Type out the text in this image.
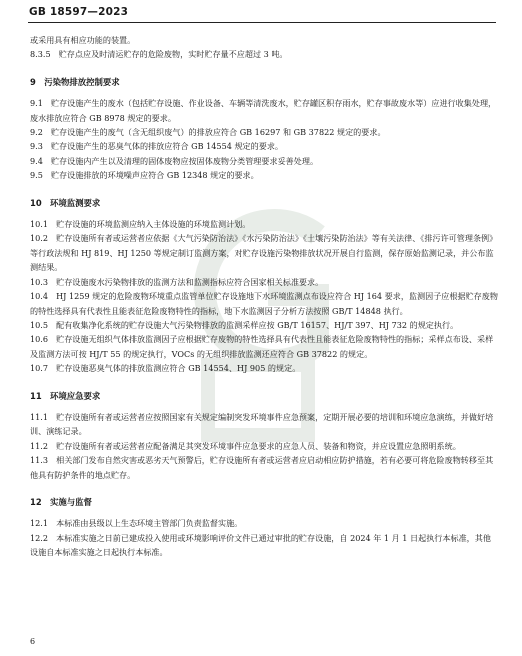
GB 18597—2023

或采用具有相应功能的装置。

8.3.5　贮存点应及时清运贮存的危险废物，实时贮存量不应超过 3 吨。

9　污染物排放控制要求

9.1　贮存设施产生的废水（包括贮存设施、作业设备、车辆等清洗废水，贮存罐区积存雨水，贮存事故废水等）应进行收集处理，废水排放应符合 GB 8978 规定的要求。

9.2　贮存设施产生的废气（含无组织废气）的排放应符合 GB 16297 和 GB 37822 规定的要求。

9.3　贮存设施产生的恶臭气体的排放应符合 GB 14554 规定的要求。

9.4　贮存设施内产生以及清理的固体废物应按固体废物分类管理要求妥善处理。

9.5　贮存设施排放的环境噪声应符合 GB 12348 规定的要求。

10　环境监测要求

10.1　贮存设施的环境监测应纳入主体设施的环境监测计划。

10.2　贮存设施所有者或运营者应依据《大气污染防治法》《水污染防治法》《土壤污染防治法》等有关法律、《排污许可管理条例》等行政法规和 HJ 819、HJ 1250 等规定制订监测方案，对贮存设施污染物排放状况开展自行监测，保存原始监测记录，并公布监测结果。

10.3　贮存设施废水污染物排放的监测方法和监测指标应符合国家相关标准要求。

10.4　HJ 1259 规定的危险废物环境重点监管单位贮存设施地下水环境监测点布设应符合 HJ 164 要求，监测因子应根据贮存废物的特性选择具有代表性且能表征危险废物特性的指标，地下水监测因子分析方法按照 GB/T 14848 执行。

10.5　配有收集净化系统的贮存设施大气污染物排放的监测采样应按 GB/T 16157、HJ/T 397、HJ 732 的规定执行。

10.6　贮存设施无组织气体排放监测因子应根据贮存废物的特性选择具有代表性且能表征危险废物特性的指标；采样点布设、采样及监测方法可按 HJ/T 55 的规定执行，VOCs 的无组织排放监测还应符合 GB 37822 的规定。

10.7　贮存设施恶臭气体的排放监测应符合 GB 14554、HJ 905 的规定。

11　环境应急要求

11.1　贮存设施所有者或运营者应按照国家有关规定编制突发环境事件应急预案，定期开展必要的培训和环境应急演练，并做好培训、演练记录。

11.2　贮存设施所有者或运营者应配备满足其突发环境事件应急要求的应急人员、装备和物资，并应设置应急照明系统。

11.3　相关部门发布自然灾害或恶劣天气预警后，贮存设施所有者或运营者应启动相应防护措施，若有必要可将危险废物转移至其他具有防护条件的地点贮存。

12　实施与监督

12.1　本标准由县级以上生态环境主管部门负责监督实施。

12.2　本标准实施之日前已建成投入使用或环境影响评价文件已通过审批的贮存设施，自 2024 年 1 月 1 日起执行本标准，其他设施自本标准实施之日起执行本标准。

6
